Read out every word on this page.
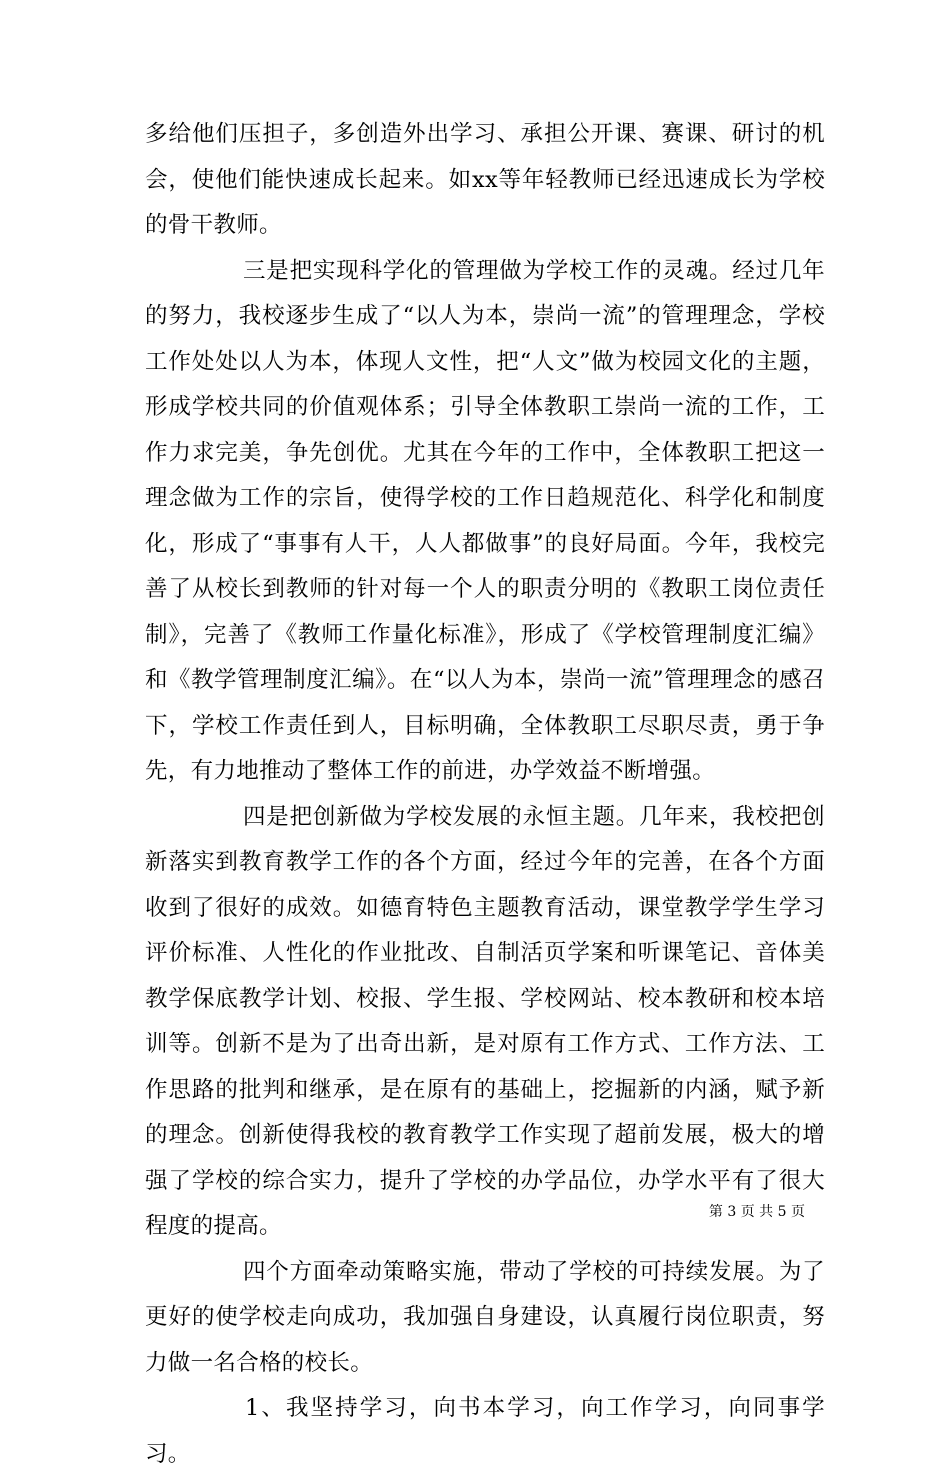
多给他们压担子，多创造外出学习、承担公开课、赛课、研讨的机会，使他们能快速成长起来。如xx等年轻教师已经迅速成长为学校的骨干教师。

三是把实现科学化的管理做为学校工作的灵魂。经过几年的努力，我校逐步生成了“以人为本，崇尚一流”的管理理念，学校工作处处以人为本，体现人文性，把“人文”做为校园文化的主题，形成学校共同的价值观体系；引导全体教职工崇尚一流的工作，工作力求完美，争先创优。尤其在今年的工作中，全体教职工把这一理念做为工作的宗旨，使得学校的工作日趋规范化、科学化和制度化，形成了“事事有人干，人人都做事”的良好局面。今年，我校完善了从校长到教师的针对每一个人的职责分明的《教职工岗位责任制》，完善了《教师工作量化标准》，形成了《学校管理制度汇编》和《教学管理制度汇编》。在“以人为本，崇尚一流”管理理念的感召下，学校工作责任到人，目标明确，全体教职工尽职尽责，勇于争先，有力地推动了整体工作的前进，办学效益不断增强。

四是把创新做为学校发展的永恒主题。几年来，我校把创新落实到教育教学工作的各个方面，经过今年的完善，在各个方面收到了很好的成效。如德育特色主题教育活动，课堂教学学生学习评价标准、人性化的作业批改、自制活页学案和听课笔记、音体美教学保底教学计划、校报、学生报、学校网站、校本教研和校本培训等。创新不是为了出奇出新，是对原有工作方式、工作方法、工作思路的批判和继承，是在原有的基础上，挖掘新的内涵，赋予新的理念。创新使得我校的教育教学工作实现了超前发展，极大的增强了学校的综合实力，提升了学校的办学品位，办学水平有了很大程度的提高。

四个方面牵动策略实施，带动了学校的可持续发展。为了更好的使学校走向成功，我加强自身建设，认真履行岗位职责，努力做一名合格的校长。

1、我坚持学习，向书本学习，向工作学习，向同事学习。

第 3 页 共 5 页
